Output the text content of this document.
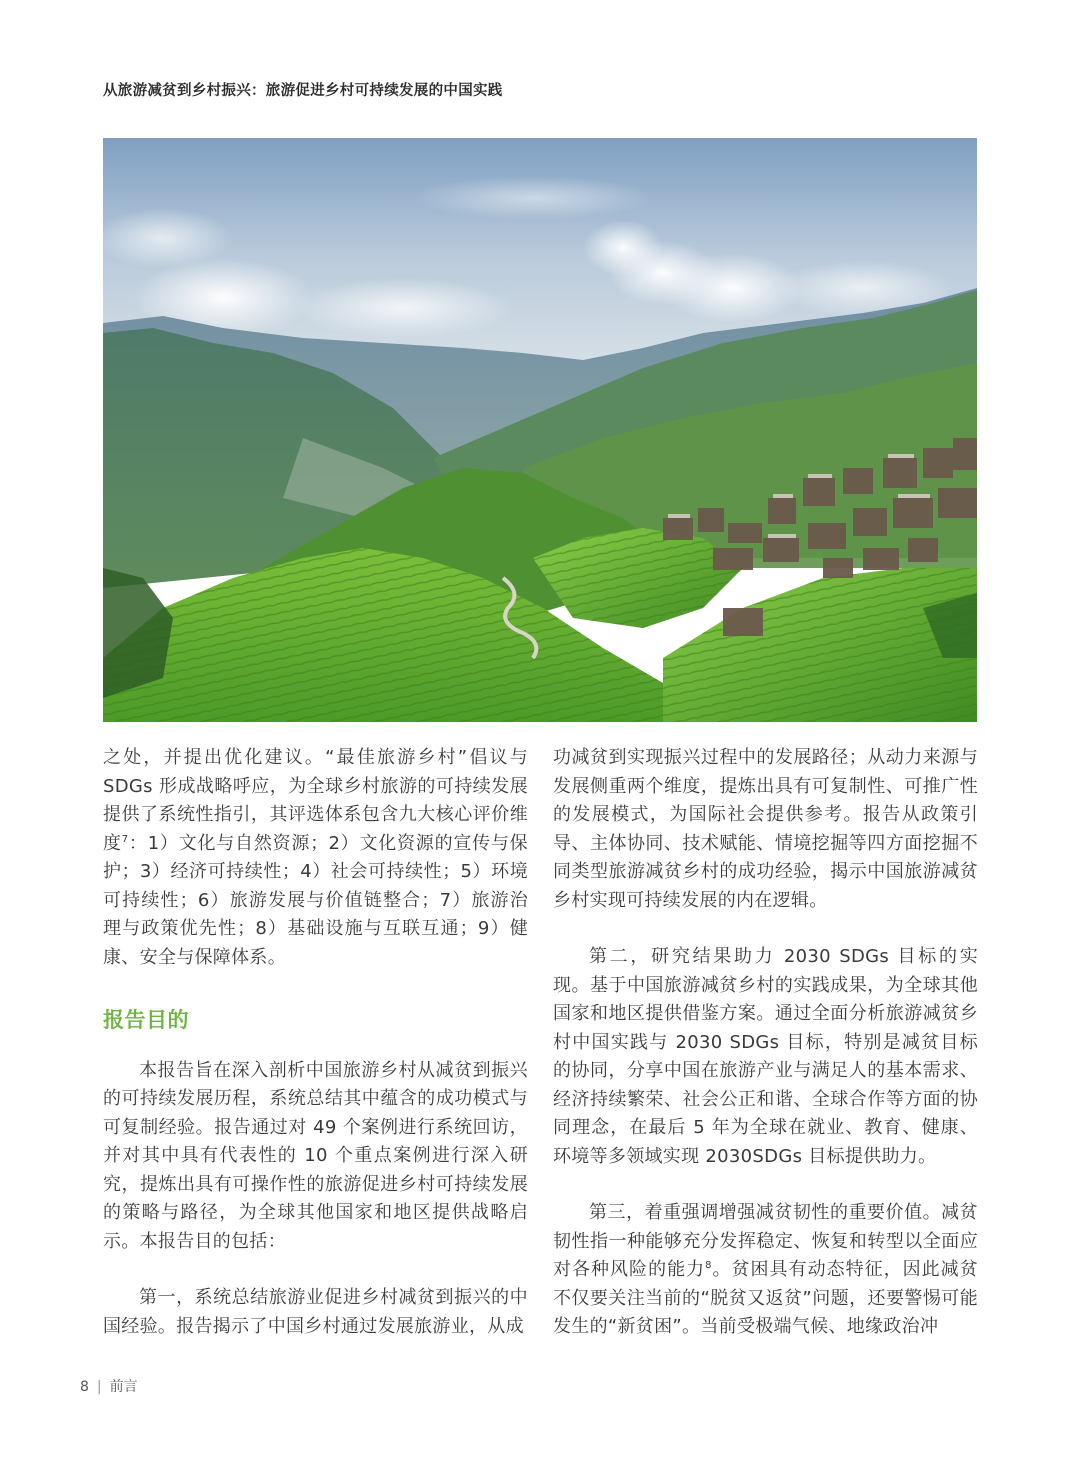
从旅游减贫到乡村振兴：旅游促进乡村可持续发展的中国实践

之处，并提出优化建议。“最佳旅游乡村”倡议与SDGs 形成战略呼应，为全球乡村旅游的可持续发展提供了系统性指引，其评选体系包含九大核心评价维度$^7$：1）文化与自然资源；2）文化资源的宣传与保护；3）经济可持续性；4）社会可持续性；5）环境可持续性；6）旅游发展与价值链整合；7）旅游治理与政策优先性；8）基础设施与互联互通；9）健康、安全与保障体系。

报告目的

本报告旨在深入剖析中国旅游乡村从减贫到振兴的可持续发展历程，系统总结其中蕴含的成功模式与可复制经验。报告通过对 49 个案例进行系统回访，并对其中具有代表性的 10 个重点案例进行深入研究，提炼出具有可操作性的旅游促进乡村可持续发展的策略与路径，为全球其他国家和地区提供战略启示。本报告目的包括：

第一，系统总结旅游业促进乡村减贫到振兴的中国经验。报告揭示了中国乡村通过发展旅游业，从成

功减贫到实现振兴过程中的发展路径；从动力来源与发展侧重两个维度，提炼出具有可复制性、可推广性的发展模式，为国际社会提供参考。报告从政策引导、主体协同、技术赋能、情境挖掘等四方面挖掘不同类型旅游减贫乡村的成功经验，揭示中国旅游减贫乡村实现可持续发展的内在逻辑。

第二，研究结果助力 2030 SDGs 目标的实现。基于中国旅游减贫乡村的实践成果，为全球其他国家和地区提供借鉴方案。通过全面分析旅游减贫乡村中国实践与 2030 SDGs 目标，特别是减贫目标的协同，分享中国在旅游产业与满足人的基本需求、经济持续繁荣、社会公正和谐、全球合作等方面的协同理念，在最后 5 年为全球在就业、教育、健康、环境等多领域实现 2030SDGs 目标提供助力。

第三，着重强调增强减贫韧性的重要价值。减贫韧性指一种能够充分发挥稳定、恢复和转型以全面应对各种风险的能力$^8$。贫困具有动态特征，因此减贫不仅要关注当前的“脱贫又返贫”问题，还要警惕可能发生的“新贫困”。当前受极端气候、地缘政治冲

8 | 前言
